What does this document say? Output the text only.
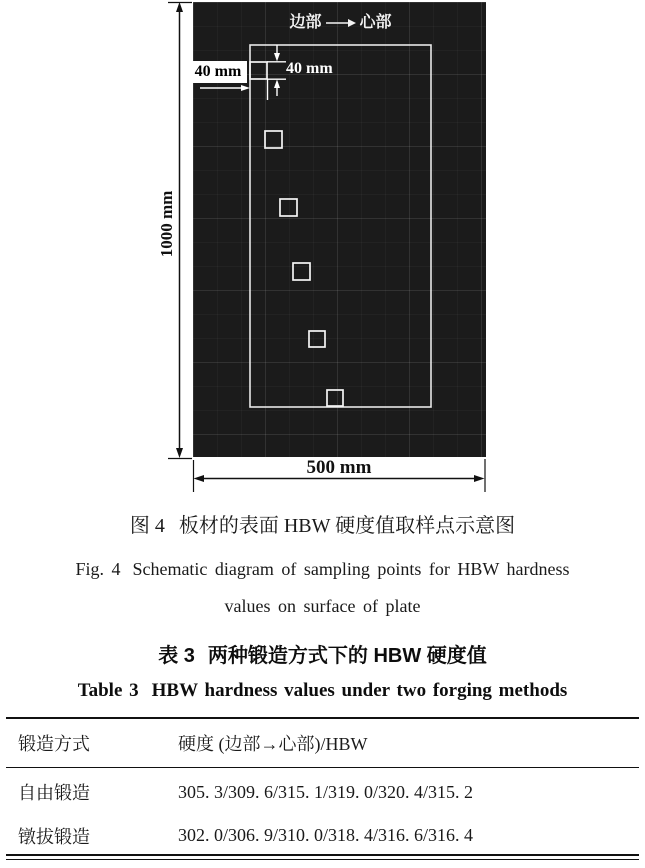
边部 心部
40 mm	40 mm
1000 mm
500 mm
图 4 板材的表面 HBW 硬度值取样点示意图
Fig. 4 Schematic diagram of sampling points for HBW hardness
values on surface of plate
表 3 两种锻造方式下的 HBW 硬度值
Table 3 HBW hardness values under two forging methods
锻造方式	硬度 (边部→心部)/HBW
自由锻造	305. 3/309. 6/315. 1/319. 0/320. 4/315. 2
镦拔锻造	302. 0/306. 9/310. 0/318. 4/316. 6/316. 4
